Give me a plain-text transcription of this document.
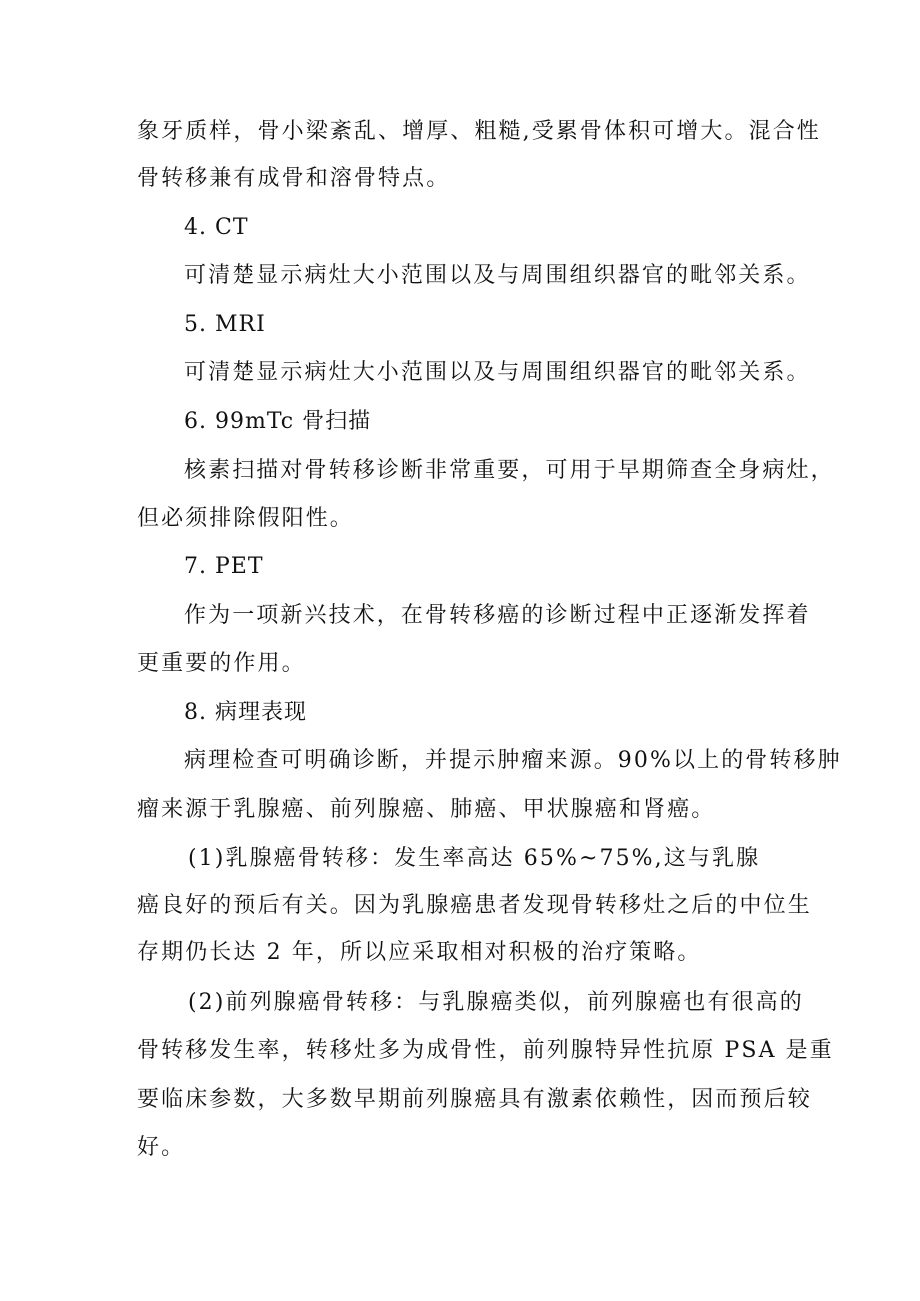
象牙质样，骨小梁紊乱、增厚、粗糙,受累骨体积可增大。混合性
骨转移兼有成骨和溶骨特点。
4. CT
可清楚显示病灶大小范围以及与周围组织器官的毗邻关系。
5. MRI
可清楚显示病灶大小范围以及与周围组织器官的毗邻关系。
6. 99mTc 骨扫描
核素扫描对骨转移诊断非常重要，可用于早期筛查全身病灶，
但必须排除假阳性。
7. PET
作为一项新兴技术，在骨转移癌的诊断过程中正逐渐发挥着
更重要的作用。
8. 病理表现
病理检查可明确诊断，并提示肿瘤来源。90%以上的骨转移肿
瘤来源于乳腺癌、前列腺癌、肺癌、甲状腺癌和肾癌。
(1)乳腺癌骨转移：发生率高达 65%~75%,这与乳腺
癌良好的预后有关。因为乳腺癌患者发现骨转移灶之后的中位生
存期仍长达 2 年，所以应采取相对积极的治疗策略。
(2)前列腺癌骨转移：与乳腺癌类似，前列腺癌也有很高的
骨转移发生率，转移灶多为成骨性，前列腺特异性抗原 PSA 是重
要临床参数，大多数早期前列腺癌具有激素依赖性，因而预后较
好。
